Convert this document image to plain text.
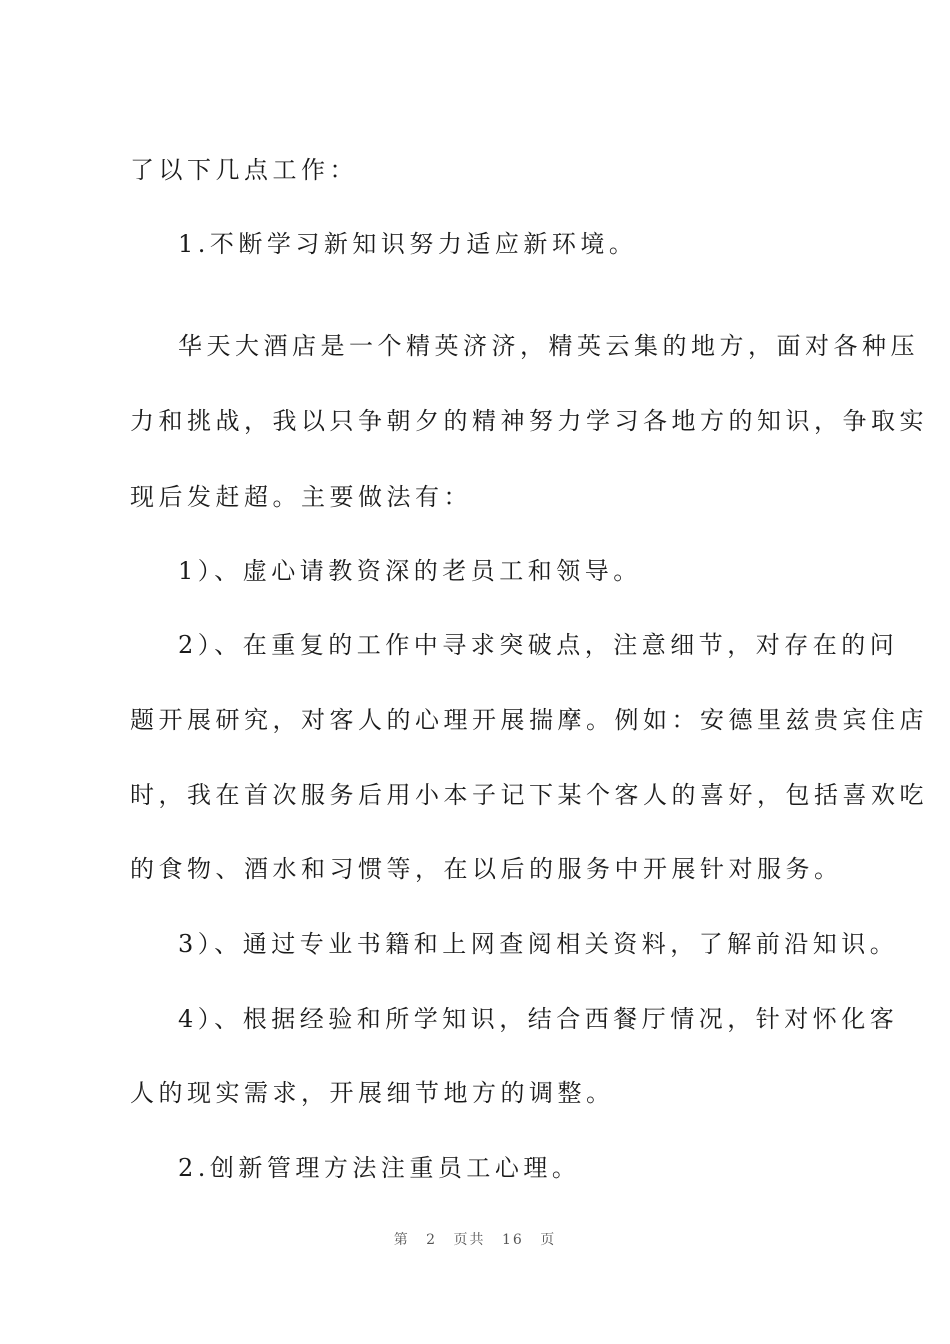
了以下几点工作：

1.不断学习新知识努力适应新环境。

华天大酒店是一个精英济济，精英云集的地方，面对各种压

力和挑战，我以只争朝夕的精神努力学习各地方的知识，争取实

现后发赶超。主要做法有：

1）、虚心请教资深的老员工和领导。

2）、在重复的工作中寻求突破点，注意细节，对存在的问

题开展研究，对客人的心理开展揣摩。例如：安德里兹贵宾住店

时，我在首次服务后用小本子记下某个客人的喜好，包括喜欢吃

的食物、酒水和习惯等，在以后的服务中开展针对服务。

3）、通过专业书籍和上网查阅相关资料，了解前沿知识。

4）、根据经验和所学知识，结合西餐厅情况，针对怀化客

人的现实需求，开展细节地方的调整。

2.创新管理方法注重员工心理。

第 2 页共 16 页
